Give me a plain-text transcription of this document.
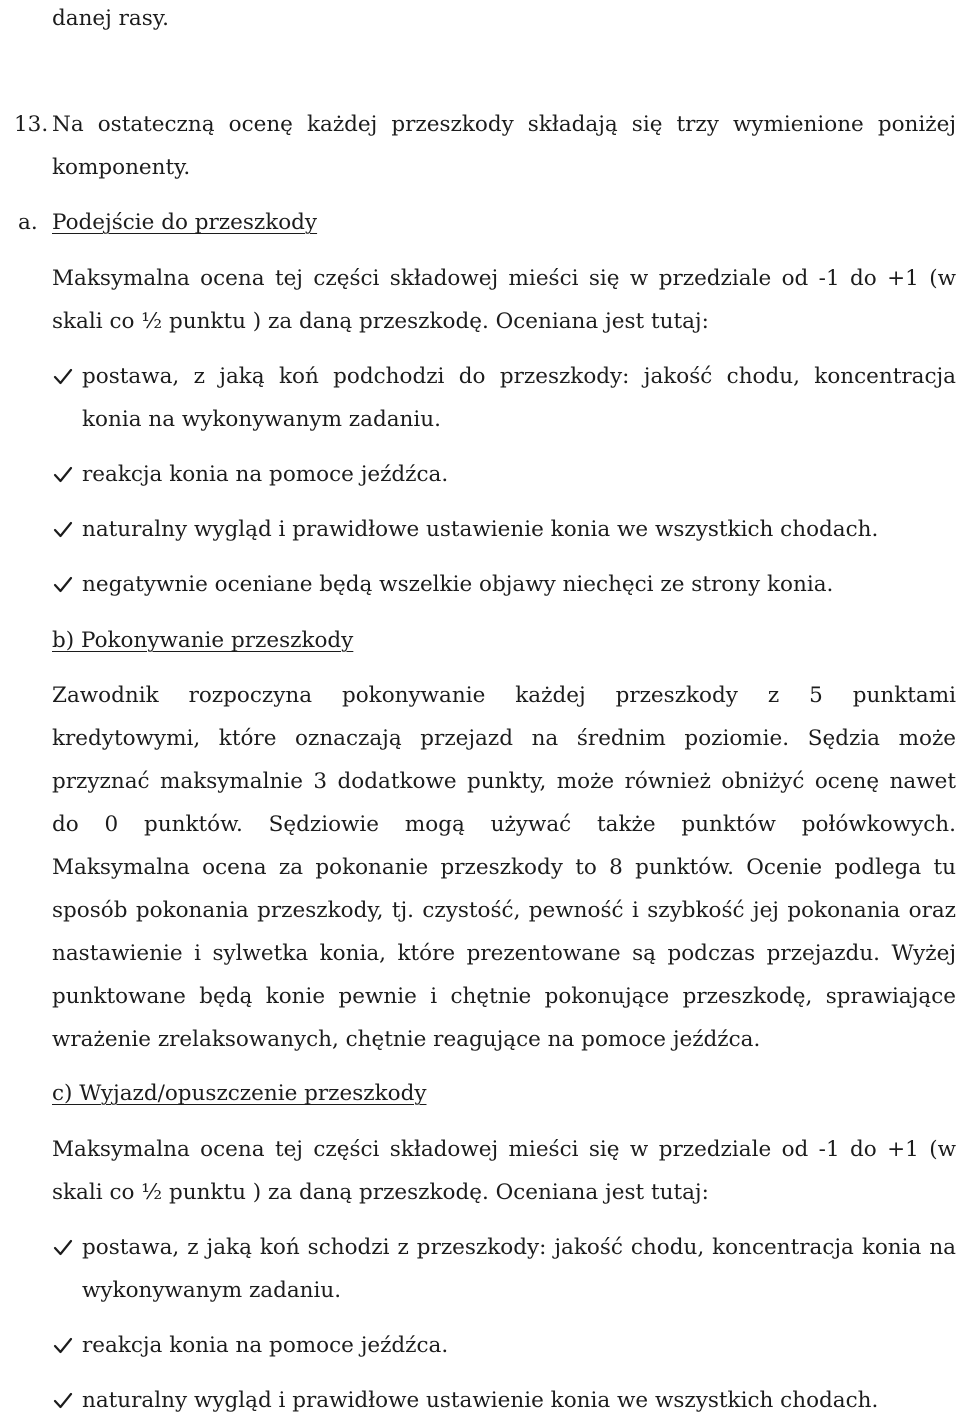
danej rasy.
13. Na ostateczną ocenę każdej przeszkody składają się trzy wymienione poniżej
komponenty.
a. Podejście do przeszkody
Maksymalna ocena tej części składowej mieści się w przedziale od -1 do +1 (w
skali co ½ punktu ) za daną przeszkodę. Oceniana jest tutaj:
postawa, z jaką koń podchodzi do przeszkody: jakość chodu, koncentracja
konia na wykonywanym zadaniu.
reakcja konia na pomoce jeźdźca.
naturalny wygląd i prawidłowe ustawienie konia we wszystkich chodach.
negatywnie oceniane będą wszelkie objawy niechęci ze strony konia.
b) Pokonywanie przeszkody
Zawodnik rozpoczyna pokonywanie każdej przeszkody z 5 punktami
kredytowymi, które oznaczają przejazd na średnim poziomie. Sędzia może
przyznać maksymalnie 3 dodatkowe punkty, może również obniżyć ocenę nawet
do 0 punktów. Sędziowie mogą używać także punktów połówkowych.
Maksymalna ocena za pokonanie przeszkody to 8 punktów. Ocenie podlega tu
sposób pokonania przeszkody, tj. czystość, pewność i szybkość jej pokonania oraz
nastawienie i sylwetka konia, które prezentowane są podczas przejazdu. Wyżej
punktowane będą konie pewnie i chętnie pokonujące przeszkodę, sprawiające
wrażenie zrelaksowanych, chętnie reagujące na pomoce jeźdźca.
c) Wyjazd/opuszczenie przeszkody
Maksymalna ocena tej części składowej mieści się w przedziale od -1 do +1 (w
skali co ½ punktu ) za daną przeszkodę. Oceniana jest tutaj:
postawa, z jaką koń schodzi z przeszkody: jakość chodu, koncentracja konia na
wykonywanym zadaniu.
reakcja konia na pomoce jeźdźca.
naturalny wygląd i prawidłowe ustawienie konia we wszystkich chodach.
